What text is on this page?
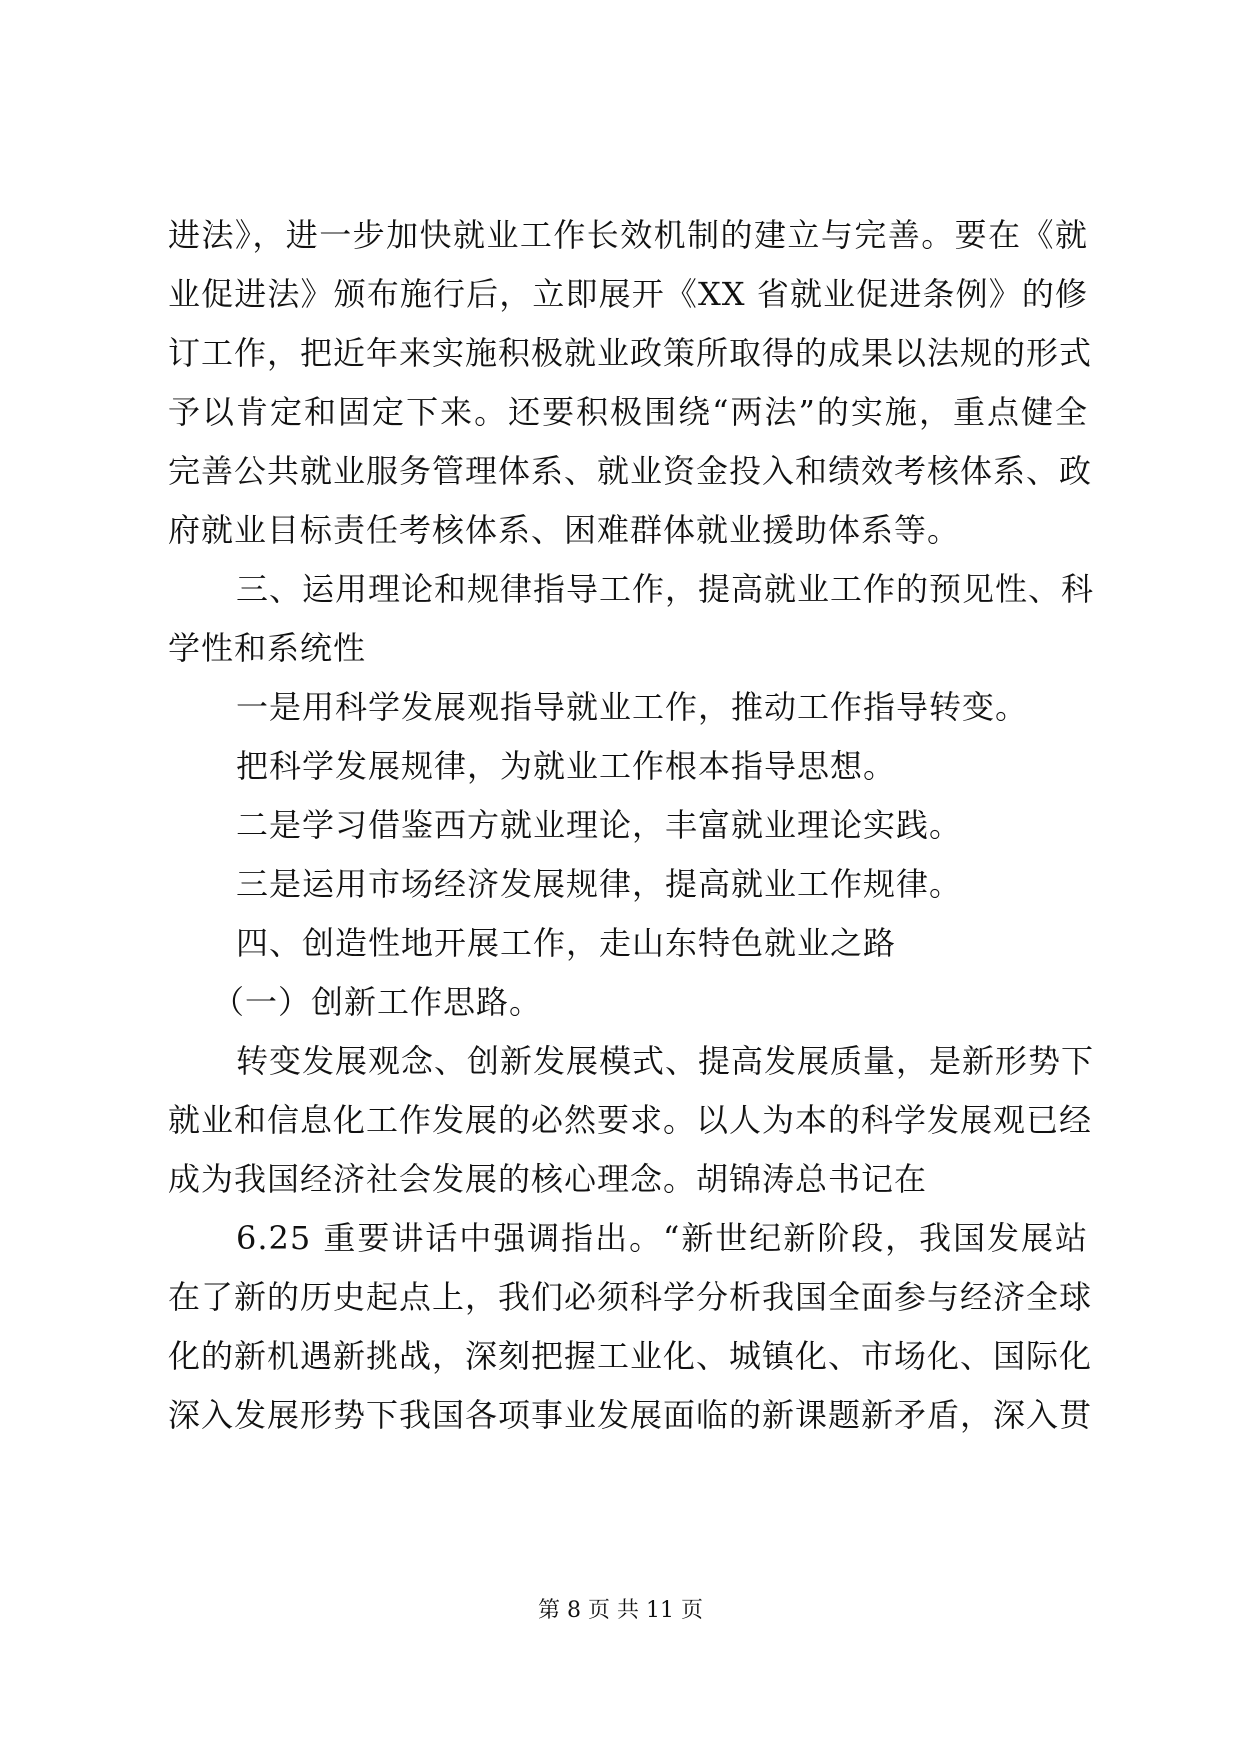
进法》，进一步加快就业工作长效机制的建立与完善。要在《就
业促进法》颁布施行后，立即展开《XX 省就业促进条例》的修
订工作，把近年来实施积极就业政策所取得的成果以法规的形式
予以肯定和固定下来。还要积极围绕“两法”的实施，重点健全
完善公共就业服务管理体系、就业资金投入和绩效考核体系、政
府就业目标责任考核体系、困难群体就业援助体系等。
三、运用理论和规律指导工作，提高就业工作的预见性、科
学性和系统性
一是用科学发展观指导就业工作，推动工作指导转变。
把科学发展规律，为就业工作根本指导思想。
二是学习借鉴西方就业理论，丰富就业理论实践。
三是运用市场经济发展规律，提高就业工作规律。
四、创造性地开展工作，走山东特色就业之路
（一）创新工作思路。
转变发展观念、创新发展模式、提高发展质量，是新形势下
就业和信息化工作发展的必然要求。以人为本的科学发展观已经
成为我国经济社会发展的核心理念。胡锦涛总书记在
6.25 重要讲话中强调指出。“新世纪新阶段，我国发展站
在了新的历史起点上，我们必须科学分析我国全面参与经济全球
化的新机遇新挑战，深刻把握工业化、城镇化、市场化、国际化
深入发展形势下我国各项事业发展面临的新课题新矛盾，深入贯
第 8 页 共 11 页
